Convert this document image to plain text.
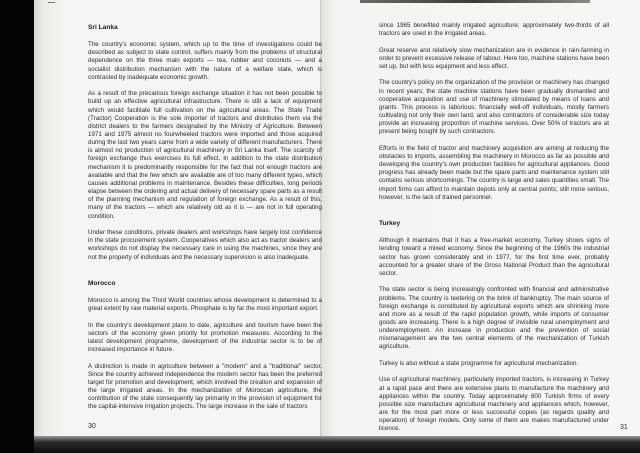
Sri Lanka

The country's economic system, which up to the time of investigations could be described as subject to state control, suffers mainly from the problems of structural dependence on the three main exports — tea, rubber and coconuts — and a socialist distribution mechanism with the nature of a welfare state, which is contrasted by inadequate economic growth.

As a result of the precarious foreign exchange situation it has not been possible to build up an effective agricultural infrastructure. There is still a lack of equipment which would facilitate full cultivation on the agricultural areas. The State Trade (Tractor) Cooperation is the sole importer of tractors and distributes them via the district dealers to the farmers designated by the Ministry of Agriculture. Between 1971 and 1975 almost no fourwheeled tractors were imported and those acquired during the last two years came from a wide variety of different manufacturers. There is almost no production of agricultural machinery in Sri Lanka itself. The scarcity of foreign exchange thus exercises its full effect. In addition to the state distribution mechanism it is predominantly responsible for the fact that not enough tractors are available and that the few which are available are of too many different types, which causes additional problems in maintenance. Besides these difficulties, long periods elapse between the ordering and actual delivery of necessary spare parts as a result of the planning mechanism and regulation of foreign exchange. As a result of this, many of the tractors — which are relatively old as it is — are not in full operating condition.

Under these conditions, private dealers and workshops have largely lost confidence in the state procurement system. Cooperatives which also act as tractor dealers and workshops do not display the necessary care in using the machines, since they are not the property of individuals and the necessary supervision is also inadequate.

Morocco

Morocco is among the Third World countries whose development is determined to a great extent by raw material exports. Phosphate is by far the most important export.

In the country's development plans to date, agriculture and tourism have been the sectors of the economy given priority for promotion measures. According to the latest development programme, development of the industrial sector is to be of increased importance in future.

A distinction is made in agriculture between a "modern" and a "traditional" sector. Since the country achieved independence the modern sector has been the preferred target for promotion and development, which involved the creation and expansion of the large irrigated areas. In the mechanization of Moroccan agriculture, the contribution of the state consequently lay primarily in the provision of equipment for the capital-intensive irrigation projects. The large increase in the sale of tractors

30

since 1965 benefited mainly irrigated agriculture; approximately two-thirds of all tractors are used in the irrigated areas.

Great reserve and relatively slow mechanization are in evidence in rain-farming in order to prevent excessive release of labour. Here too, machine stations have been set up, but with less equipment and less effect.

The country's policy on the organization of the provision or machinery has changed in recent years; the state machine stations have been gradually dismantled and cooperative acquisition and use of machinery stimulated by means of loans and grants. This process is laborious; financially well-off individuals, mostly farmers cultivating not only their own land, and also contractors of considerable size today provide an increasing proportion of machine services. Over 50% of tractors are at present being bought by such contractors.

Efforts in the field of tractor and machinery acquisition are aiming at reducing the obstacles to imports, assembling the machinery in Morocco as far as possible and developing the country's own production facilities for agricultural appliances. Good progress has already been made but the spare parts and maintenance system still contains serious shortcomings. The country is large and sales quantities small. The import firms can afford to maintain depots only at central points; still more serious, however, is the lack of trained personnel.

Turkey

Although it maintains that it has a free-market economy, Turkey shows signs of tending toward a mixed economy. Since the beginning of the 1960s the industrial sector has grown considerably and in 1977, for the first time ever, probably accounted for a greater share of the Gross National Product than the agricultural sector.

The state sector is being increasingly confronted with financial and administrative problems. The country is teetering on the brink of bankruptcy. The main source of foreign exchange is constituted by agricultural exports which are shrinking more and more as a result of the rapid population growth, while imports of consumer goods are increasing. There is a high degree of invisible rural unemployment and underemployment. An increase in production and the prevention of social mismanagement are the two central elements of the mechanization of Turkish agriculture.

Turkey is also without a state programme for agricultural mechanization.

Use of agricultural machinery, particularly imported tractors, is increasing in Turkey at a rapid pace and there are extensive plans to manufacture the machinery and appliances within the country. Today approximately 600 Turkish firms of every possible size manufacture agricultural machinery and appliances which, however, are for the most part more or less successful copies (as regards quality and operation) of foreign models. Only some of them are makes manufactured under licence.	31
